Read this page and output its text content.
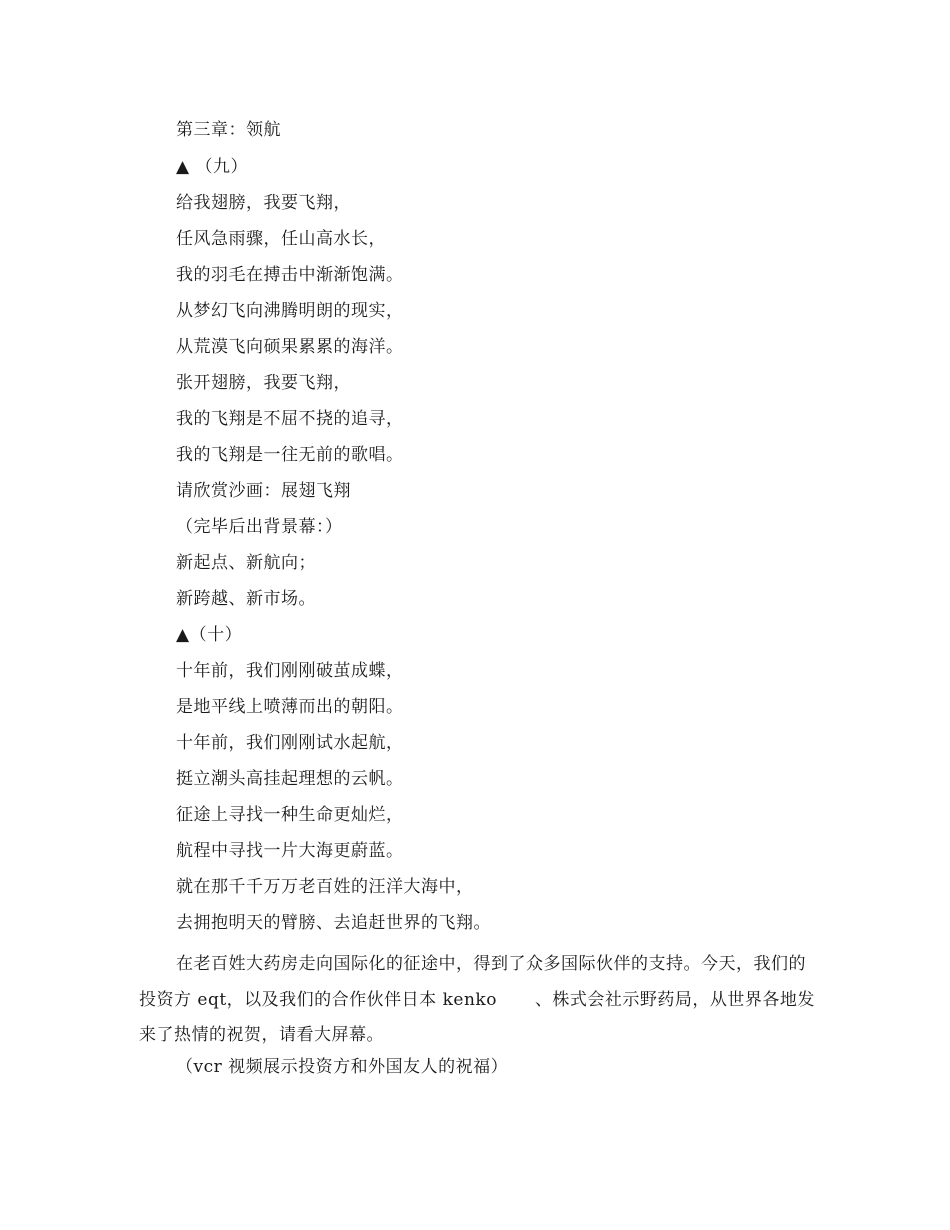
第三章：领航
▲ （九）
给我翅膀，我要飞翔，
任风急雨骤，任山高水长，
我的羽毛在搏击中渐渐饱满。
从梦幻飞向沸腾明朗的现实，
从荒漠飞向硕果累累的海洋。
张开翅膀，我要飞翔，
我的飞翔是不屈不挠的追寻，
我的飞翔是一往无前的歌唱。
请欣赏沙画：展翅飞翔
（完毕后出背景幕：）
新起点、新航向；
新跨越、新市场。
▲（十）
十年前，我们刚刚破茧成蝶，
是地平线上喷薄而出的朝阳。
十年前，我们刚刚试水起航，
挺立潮头高挂起理想的云帆。
征途上寻找一种生命更灿烂，
航程中寻找一片大海更蔚蓝。
就在那千千万万老百姓的汪洋大海中，
去拥抱明天的臂膀、去追赶世界的飞翔。
在老百姓大药房走向国际化的征途中，得到了众多国际伙伴的支持。今天，我们的投资方 eqt，以及我们的合作伙伴日本 kenko 、株式会社示野药局，从世界各地发来了热情的祝贺，请看大屏幕。
（vcr 视频展示投资方和外国友人的祝福）
